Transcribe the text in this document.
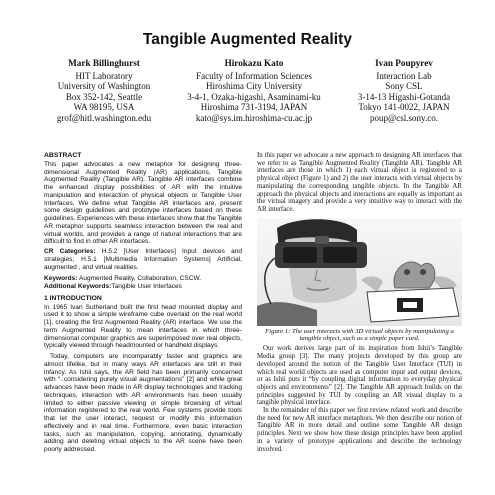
Tangible Augmented Reality
Mark Billinghurst
HIT Laboratory
University of Washington
Box 352-142, Seattle
WA 98195, USA
grof@hitl.washington.edu
Hirokazu Kato
Faculty of Information Sciences
Hiroshima City University
3-4-1, Ozaka-higashi, Asaminami-ku
Hiroshima 731-3194, JAPAN
kato@sys.im.hiroshima-cu.ac.jp
Ivan Poupyrev
Interaction Lab
Sony CSL
3-14-13 Higashi-Gotanda
Tokyo 141-0022, JAPAN
poup@csl.sony.co.
ABSTRACT

This paper advocates a new metaphor for designing three-dimensional Augmented Reality (AR) applications, Tangible Augmented Reality (Tangible AR). Tangible AR interfaces combine the enhanced display possibilities of AR with the intuitive manipulation and interaction of physical objects or Tangible User Interfaces. We define what Tangible AR interfaces are, present some design guidelines and prototype interfaces based on these guidelines. Experiences with these interfaces show that the Tangible AR metaphor supports seamless interaction between the real and virtual worlds, and provides a range of natural interactions that are difficult to find in other AR interfaces.

CR Categories: H.5.2 [User Interfaces] Input devices and strategies; H.5.1 [Multimedia Information Systems] Artificial, augmented , and virtual realities.

Keywords: Augmented Reality, Collaboration, CSCW.

Additional Keywords:Tangible User Interfaces

1 INTRODUCTION

In 1965 Ivan Sutherland built the first head mounted display and used it to show a simple wireframe cube overlaid on the real world [1], creating the first Augmented Reality (AR) interface. We use the term Augmented Reality to mean interfaces in which three-dimensional computer graphics are superimposed over real objects, typically viewed through headmounted or handheld displays.

Today, computers are incomparably faster and graphics are almost lifelike, but in many ways AR interfaces are still in their infancy. As Ishii says, the AR field has been primarily concerned with “..considering purely visual augmentations” [2] and while great advances have been made in AR display technologies and tracking techniques, interaction with AR environments has been usually limited to either passive viewing or simple browsing of virtual information registered to the real world. Few systems provide tools that let the user interact, request or modify this information effectively and in real time. Furthermore, even basic interaction tasks, such as manipulation, copying, annotating, dynamically adding and deleting virtual objects to the AR scene have been poorly addressed.

In this paper we advocate a new approach to designing AR interfaces that we refer to as Tangible Augmented Reality (Tangible AR). Tangible AR interfaces are those in which 1) each virtual object is registered to a physical object (Figure 1) and 2) the user interacts with virtual objects by manipulating the corresponding tangible objects. In the Tangible AR approach the physical objects and interactions are equally as important as the virtual imagery and provide a very intuitive way to interact with the AR interface.

Figure 1: The user interacts with 3D virtual objects by manipulating a tangible object, such as a simple paper card.

Our work derives large part of its inspiration from Ishii’s Tangible Media group [3]. The many projects developed by this group are developed around the notion of the Tangible User Interface (TUI) in which real world objects are used as computer input and output devices, or as Ishii puts it “by coupling digital information to everyday physical objects and environments” [2]. The Tangible AR approach builds on the principles suggested by TUI by coupling an AR visual display to a tangible physical interface.

In the remainder of this paper we first review related work and describe the need for new AR interface metaphors. We then describe our notion of Tangible AR in more detail and outline some Tangible AR design principles. Next we show how these design principles have been applied in a variety of prototype applications and describe the technology involved.
